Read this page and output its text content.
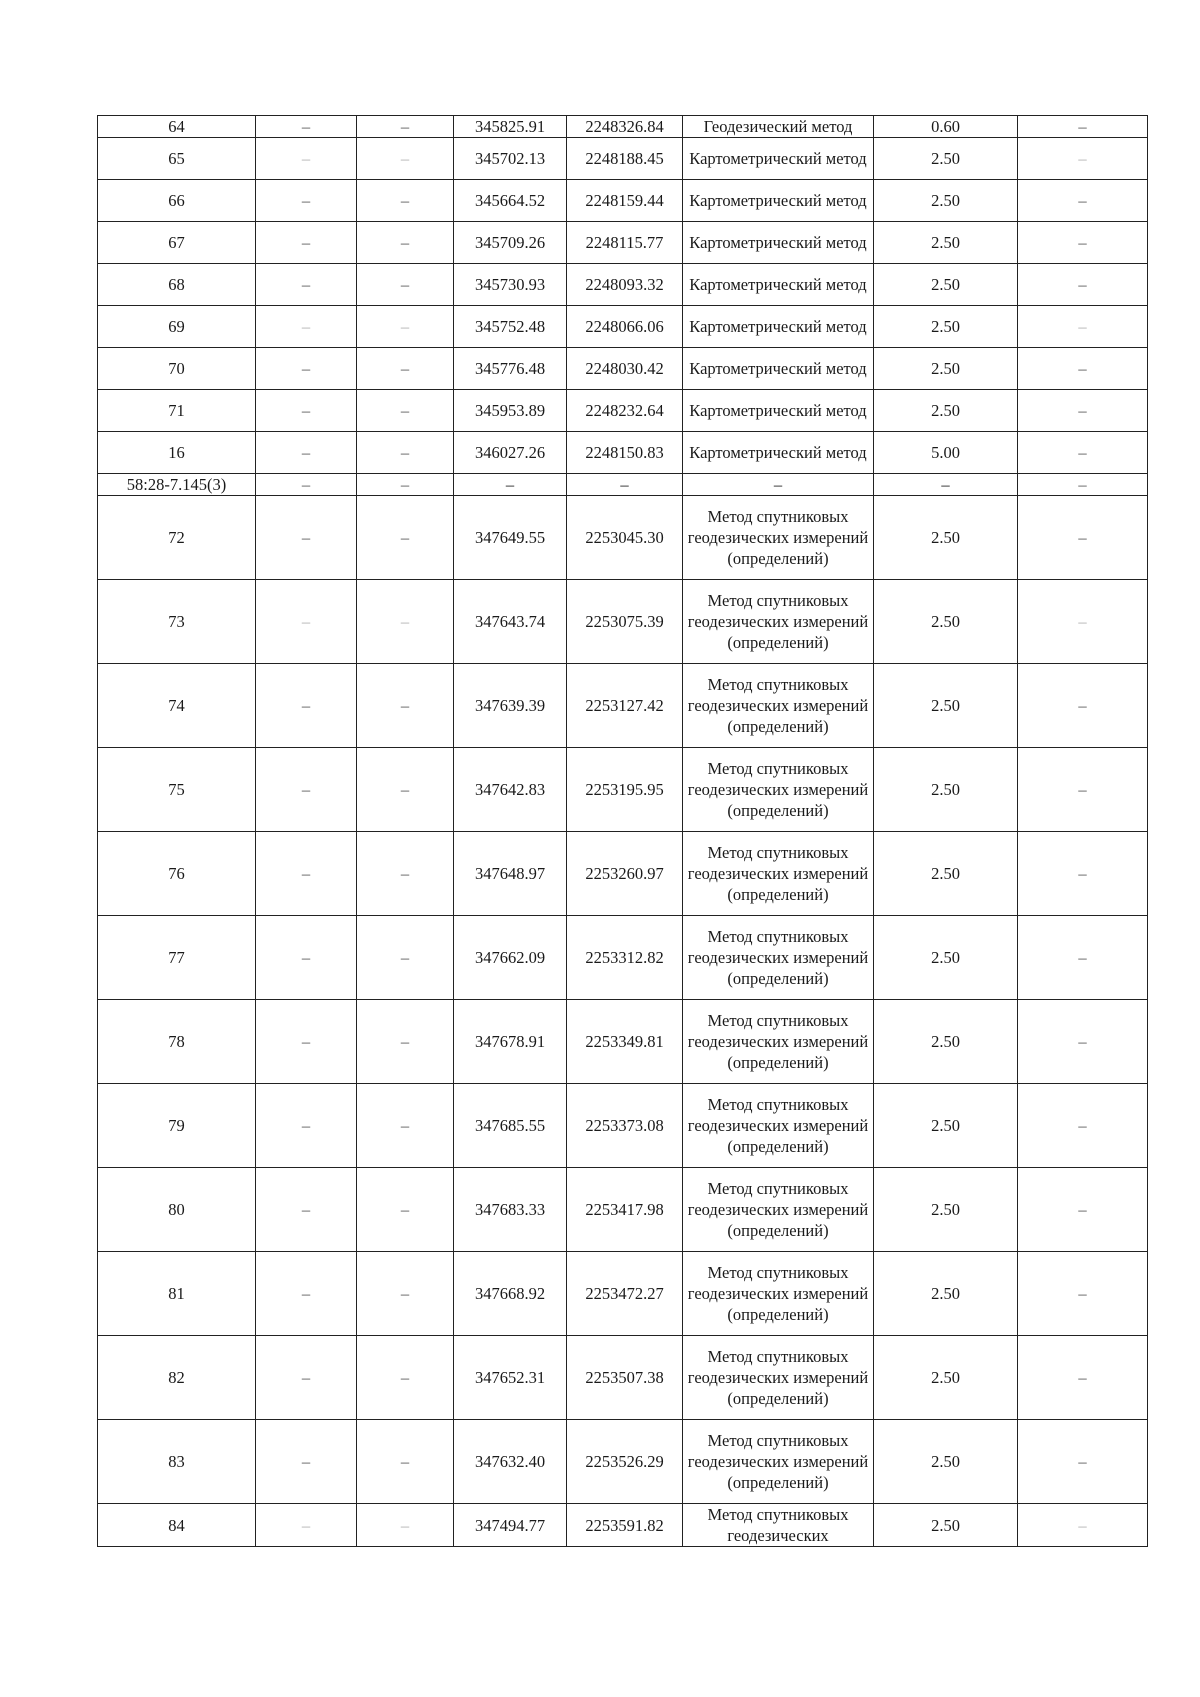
64	–	–	345825.91	2248326.84	Геодезический метод	0.60	–
65	–	–	345702.13	2248188.45	Картометрический метод	2.50	–
66	–	–	345664.52	2248159.44	Картометрический метод	2.50	–
67	–	–	345709.26	2248115.77	Картометрический метод	2.50	–
68	–	–	345730.93	2248093.32	Картометрический метод	2.50	–
69	–	–	345752.48	2248066.06	Картометрический метод	2.50	–
70	–	–	345776.48	2248030.42	Картометрический метод	2.50	–
71	–	–	345953.89	2248232.64	Картометрический метод	2.50	–
16	–	–	346027.26	2248150.83	Картометрический метод	5.00	–
58:28-7.145(3)	–	–	–	–	–	–	–
72	–	–	347649.55	2253045.30	Метод спутниковых геодезических измерений (определений)	2.50	–
73	–	–	347643.74	2253075.39	Метод спутниковых геодезических измерений (определений)	2.50	–
74	–	–	347639.39	2253127.42	Метод спутниковых геодезических измерений (определений)	2.50	–
75	–	–	347642.83	2253195.95	Метод спутниковых геодезических измерений (определений)	2.50	–
76	–	–	347648.97	2253260.97	Метод спутниковых геодезических измерений (определений)	2.50	–
77	–	–	347662.09	2253312.82	Метод спутниковых геодезических измерений (определений)	2.50	–
78	–	–	347678.91	2253349.81	Метод спутниковых геодезических измерений (определений)	2.50	–
79	–	–	347685.55	2253373.08	Метод спутниковых геодезических измерений (определений)	2.50	–
80	–	–	347683.33	2253417.98	Метод спутниковых геодезических измерений (определений)	2.50	–
81	–	–	347668.92	2253472.27	Метод спутниковых геодезических измерений (определений)	2.50	–
82	–	–	347652.31	2253507.38	Метод спутниковых геодезических измерений (определений)	2.50	–
83	–	–	347632.40	2253526.29	Метод спутниковых геодезических измерений (определений)	2.50	–
84	–	–	347494.77	2253591.82	Метод спутниковых геодезических	2.50	–
